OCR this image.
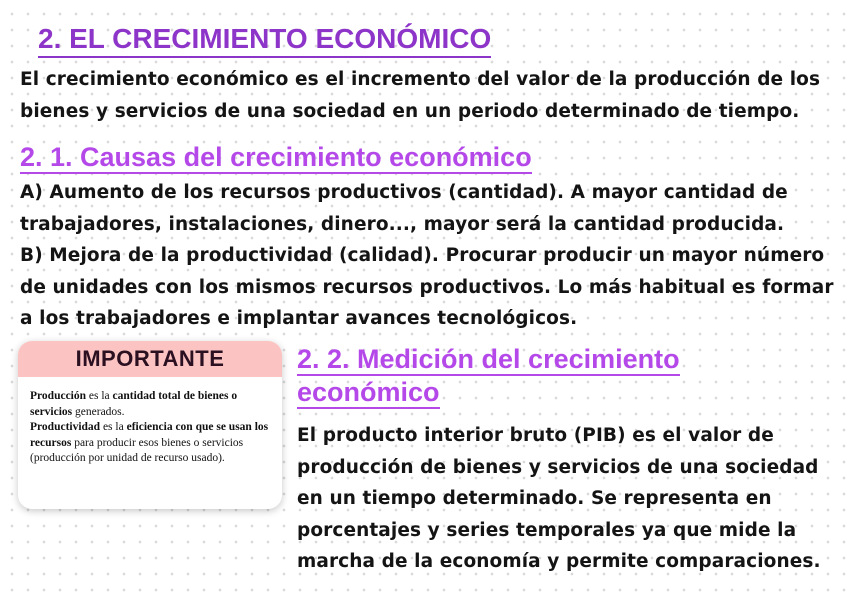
2. EL CRECIMIENTO ECONÓMICO

El crecimiento económico es el incremento del valor de la producción de los

bienes y servicios de una sociedad en un periodo determinado de tiempo.

2. 1. Causas del crecimiento económico

A) Aumento de los recursos productivos (cantidad). A mayor cantidad de

trabajadores, instalaciones, dinero..., mayor será la cantidad producida.

B) Mejora de la productividad (calidad). Procurar producir un mayor número

de unidades con los mismos recursos productivos. Lo más habitual es formar

a los trabajadores e implantar avances tecnológicos.

IMPORTANTE
Producción es la cantidad total de bienes o servicios generados.
Productividad es la eficiencia con que se usan los recursos para producir esos bienes o servicios (producción por unidad de recurso usado).
2. 2. Medición del crecimiento
económico

El producto interior bruto (PIB) es el valor de

producción de bienes y servicios de una sociedad

en un tiempo determinado. Se representa en

porcentajes y series temporales ya que mide la

marcha de la economía y permite comparaciones.
